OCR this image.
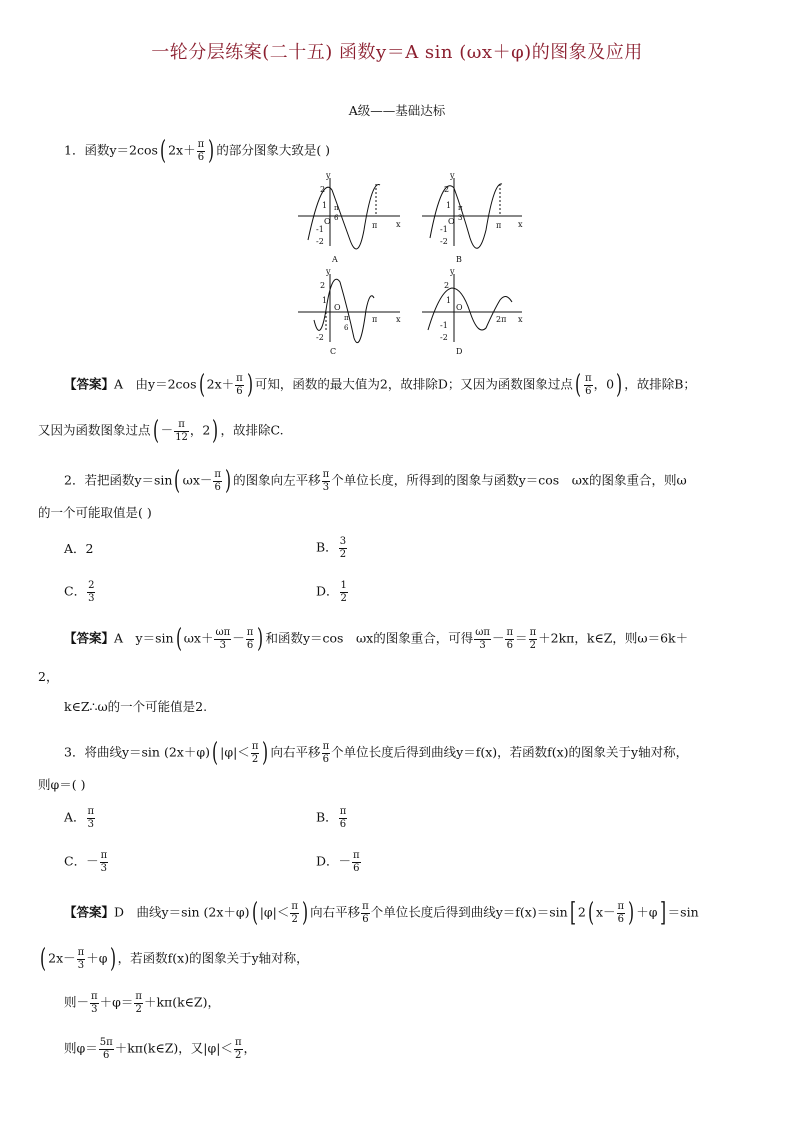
一轮分层练案(二十五) 函数y＝A sin (ωx＋φ)的图象及应用
A级——基础达标
1．函数y＝2cos( $2x+ \frac{\pi}{6}$ ) 的部分图象大致是( )
y
x
2
1
O
π
6
-1
-2
π
A
y
x
2
1
O
π
3
-1
-2
π
B
y
x
2
1
O
π
6
-2
π
C
y
x
2
1
O
-1
-2
2π
D
【答案】A　由y＝2cos( $2x+ \frac{\pi}{6}$ ) 可知，函数的最大值为2，故排除D；又因为函数图象过点( $\frac{\pi}{6}$ ，0) ，故排除B；
又因为函数图象过点( － $\frac{\pi}{12}$ ，2) ，故排除C.
2．若把函数y＝sin( $\omega x- \frac{\pi}{6}$ ) 的图象向左平移 $\frac{\pi}{3}$ 个单位长度，所得到的图象与函数y＝cos　ωx的图象重合，则ω
的一个可能取值是( )
A．2	B． $\frac{3}{2}$
C． $\frac{2}{3}$	D． $\frac{1}{2}$
【答案】A　y＝sin( $\omega x+ \frac{\omega\pi}{3} - \frac{\pi}{6}$ ) 和函数y＝cos　ωx的图象重合，可得 $\frac{\omega\pi}{3} - \frac{\pi}{6} = \frac{\pi}{2} +2k\pi$，k∈Z，则ω＝6k＋
2，
k∈Z∴ω的一个可能值是2.
3．将曲线y＝sin (2x＋φ)( $|\varphi|< \frac{\pi}{2}$ ) 向右平移 $\frac{\pi}{6}$ 个单位长度后得到曲线y＝f(x)，若函数f(x)的图象关于y轴对称，
则φ＝( )
A． $\frac{\pi}{3}$	B． $\frac{\pi}{6}$
C．－ $\frac{\pi}{3}$	D．－ $\frac{\pi}{6}$
【答案】D　曲线y＝sin (2x＋φ)( $|\varphi|< \frac{\pi}{2}$ ) 向右平移 $\frac{\pi}{6}$ 个单位长度后得到曲线y＝f(x)＝sin[ 2( $x- \frac{\pi}{6}$ ) ＋φ] ＝sin
( $2x- \frac{\pi}{3} +\varphi$) ，若函数f(x)的图象关于y轴对称，
则－ $\frac{\pi}{3} +\varphi= \frac{\pi}{2}$ ＋kπ(k∈Z)，
则$\varphi= \frac{5\pi}{6}$ ＋kπ(k∈Z)，又$|\varphi|< \frac{\pi}{2}$ ，
